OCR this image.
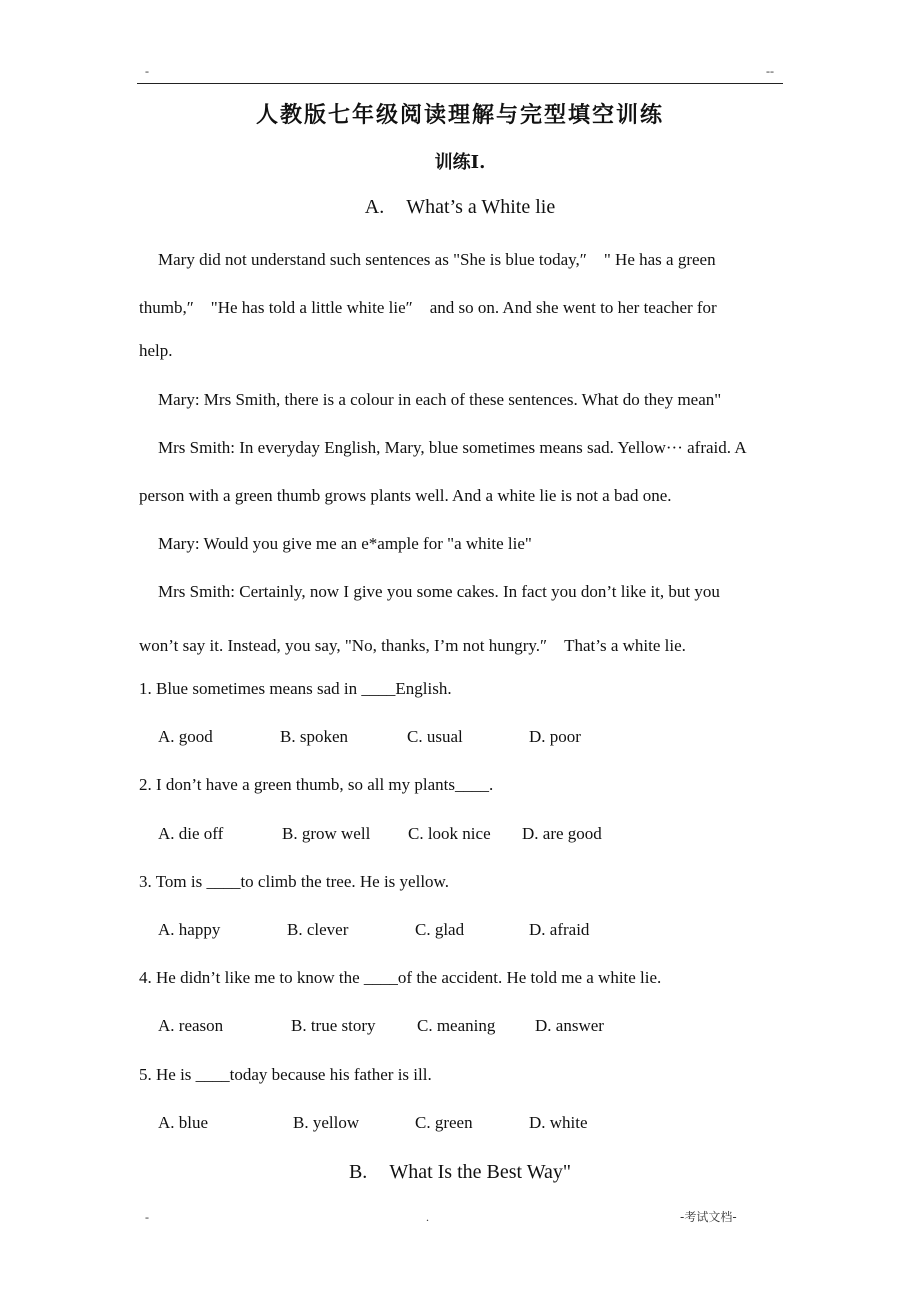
-	--
人教版七年级阅读理解与完型填空训练
训练I.
A. What’s a White lie
Mary did not understand such sentences as "She is blue today,″　" He has a green
thumb,″　"He has told a little white lie″　and so on. And she went to her teacher for
help.
Mary: Mrs Smith, there is a colour in each of these sentences. What do they mean"
Mrs Smith: In everyday English, Mary, blue sometimes means sad. Yellow··· afraid. A
person with a green thumb grows plants well. And a white lie is not a bad one.
Mary: Would you give me an e*ample for "a white lie"
Mrs Smith: Certainly, now I give you some cakes. In fact you don’t like it, but you
won’t say it. Instead, you say, "No, thanks, I’m not hungry.″　That’s a white lie.
1. Blue sometimes means sad in ____English.
A. good	B. spoken	C. usual	D. poor
2. I don’t have a green thumb, so all my plants____.
A. die off	B. grow well C. look nice D. are good
3. Tom is ____to climb the tree. He is yellow.
A. happy	B. clever	C. glad	D. afraid
4. He didn’t like me to know the ____of the accident. He told me a white lie.
A. reason	B. true story C. meaning D. answer
5. He is ____today because his father is ill.
A. blue	B. yellow	C. green	D. white
B. What Is the Best Way"
-	.	-考试文档-
